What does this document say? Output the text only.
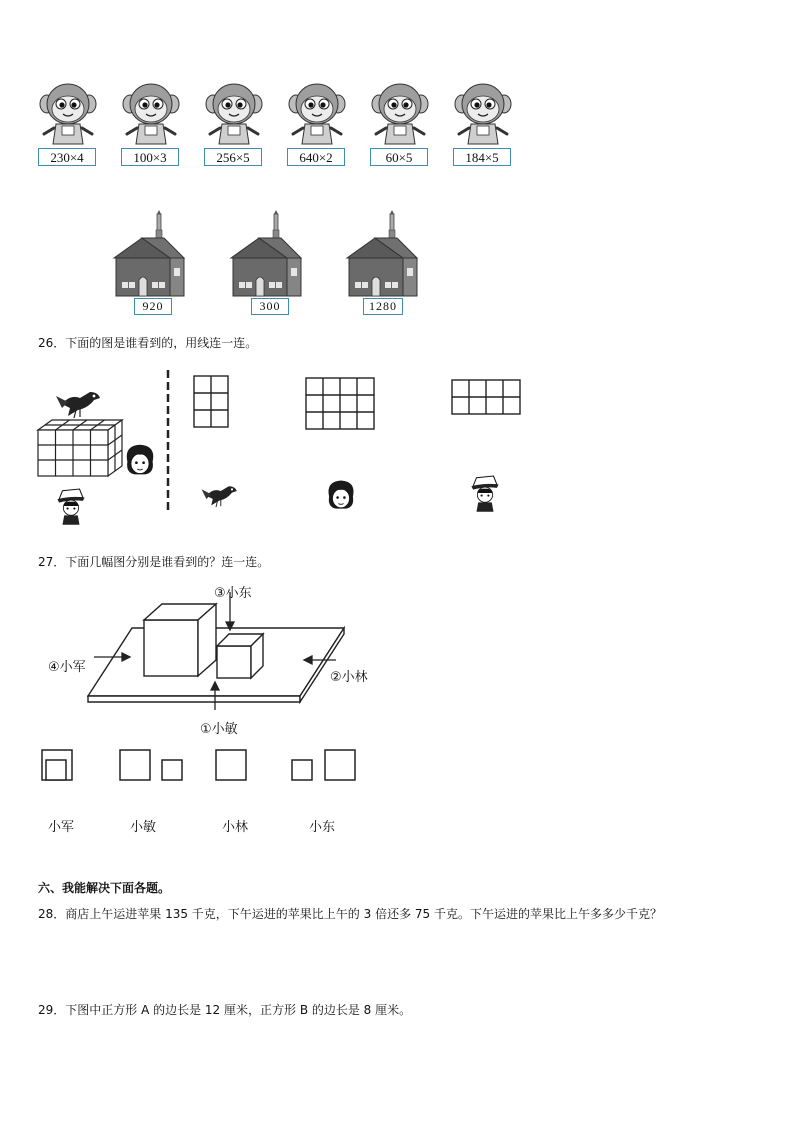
230×4	100×3	256×5	640×2	60×5	184×5
920	300	1280
26．下面的图是谁看到的，用线连一连。
27．下面几幅图分别是谁看到的？连一连。
③小东
④小军
②小林
①小敏
小军	小敏	小林	小东
六、我能解决下面各题。
28．商店上午运进苹果 135 千克，下午运进的苹果比上午的 3 倍还多 75 千克。下午运进的苹果比上午多多少千克？
29．下图中正方形 A 的边长是 12 厘米，正方形 B 的边长是 8 厘米。
